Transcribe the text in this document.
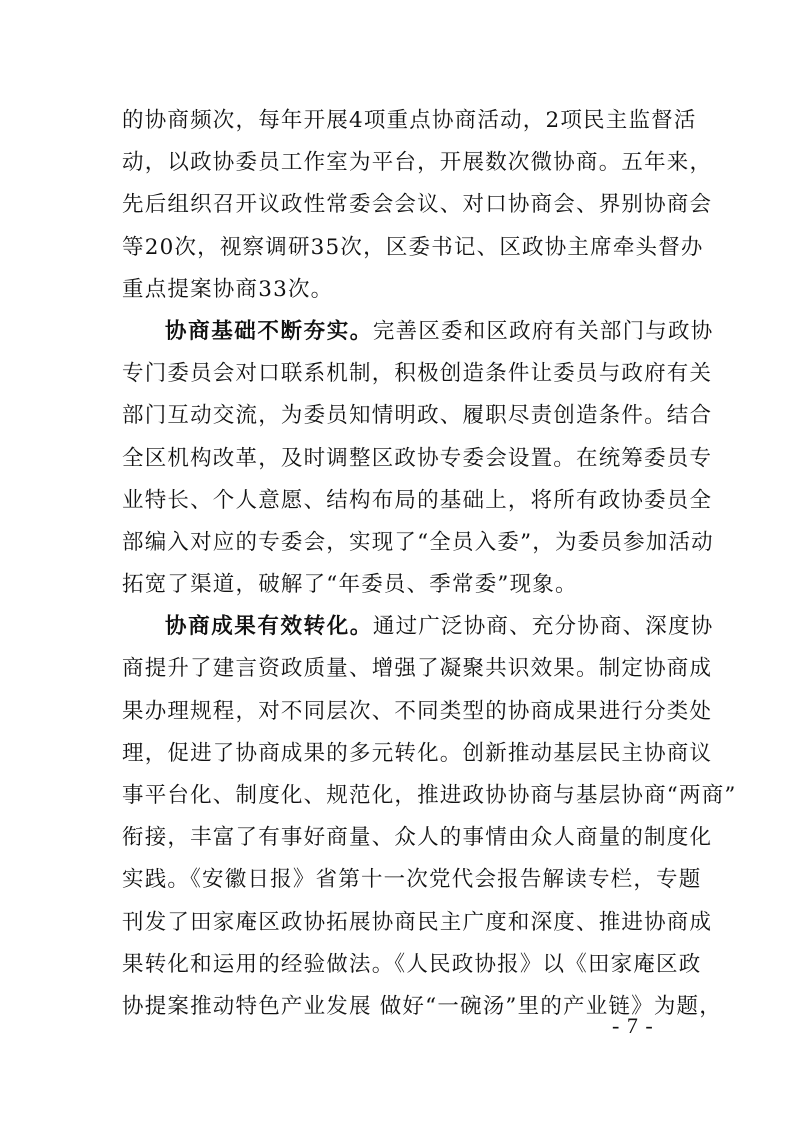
的协商频次，每年开展4项重点协商活动，2项民主监督活
动，以政协委员工作室为平台，开展数次微协商。五年来，
先后组织召开议政性常委会会议、对口协商会、界别协商会
等20次，视察调研35次，区委书记、区政协主席牵头督办
重点提案协商33次。

协商基础不断夯实。完善区委和区政府有关部门与政协
专门委员会对口联系机制，积极创造条件让委员与政府有关
部门互动交流，为委员知情明政、履职尽责创造条件。结合
全区机构改革，及时调整区政协专委会设置。在统筹委员专
业特长、个人意愿、结构布局的基础上，将所有政协委员全
部编入对应的专委会，实现了“全员入委”，为委员参加活动
拓宽了渠道，破解了“年委员、季常委”现象。

协商成果有效转化。通过广泛协商、充分协商、深度协
商提升了建言资政质量、增强了凝聚共识效果。制定协商成
果办理规程，对不同层次、不同类型的协商成果进行分类处
理，促进了协商成果的多元转化。创新推动基层民主协商议
事平台化、制度化、规范化，推进政协协商与基层协商“两商”
衔接，丰富了有事好商量、众人的事情由众人商量的制度化
实践。《安徽日报》省第十一次党代会报告解读专栏，专题
刊发了田家庵区政协拓展协商民主广度和深度、推进协商成
果转化和运用的经验做法。《人民政协报》以《田家庵区政
协提案推动特色产业发展 做好“一碗汤”里的产业链》为题，

- 7 -
